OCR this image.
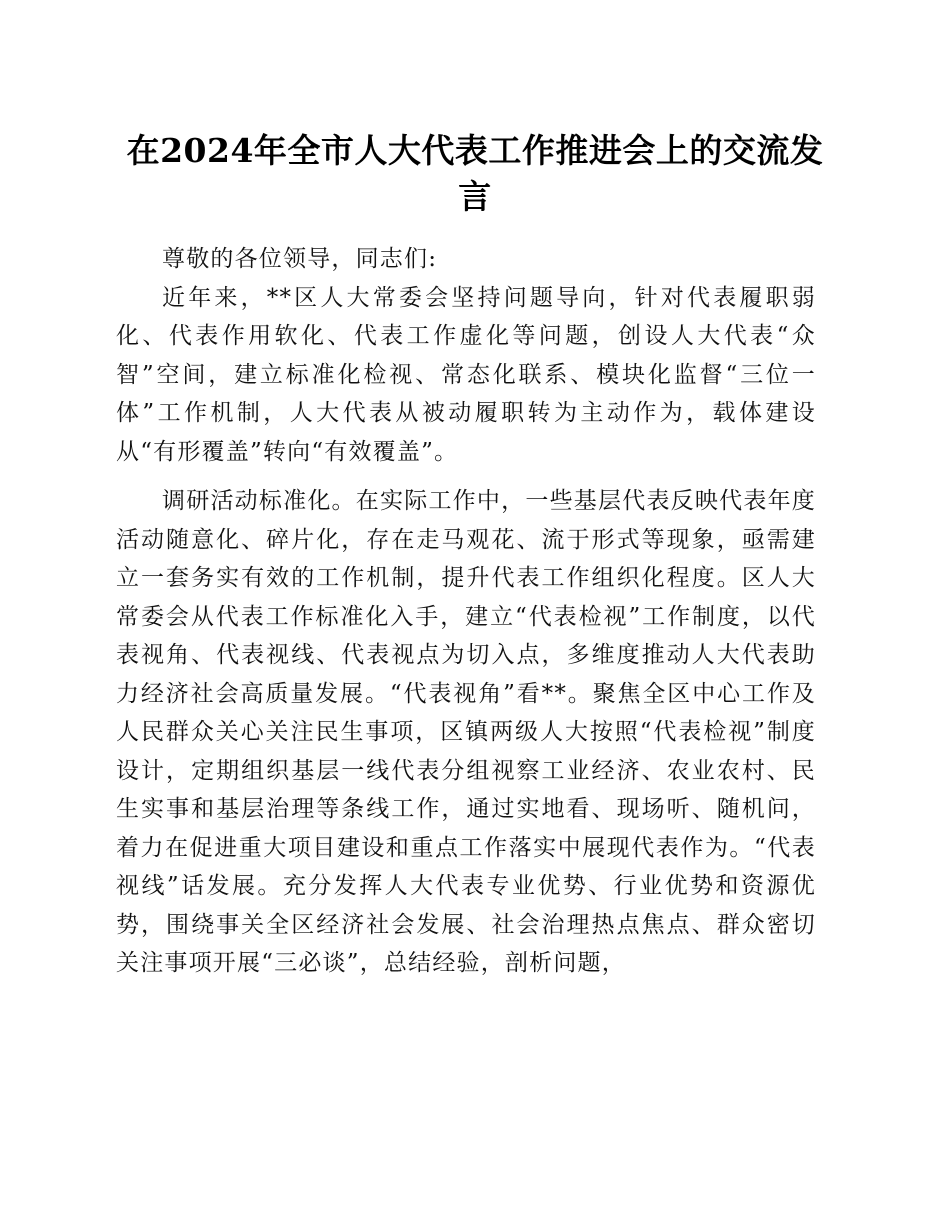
在2024年全市人大代表工作推进会上的交流发言

尊敬的各位领导，同志们:

近年来，**区人大常委会坚持问题导向，针对代表履职弱化、代表作用软化、代表工作虚化等问题，创设人大代表“众智”空间，建立标准化检视、常态化联系、模块化监督“三位一体”工作机制，人大代表从被动履职转为主动作为，载体建设从“有形覆盖”转向“有效覆盖”。

调研活动标准化。在实际工作中，一些基层代表反映代表年度活动随意化、碎片化，存在走马观花、流于形式等现象，亟需建立一套务实有效的工作机制，提升代表工作组织化程度。区人大常委会从代表工作标准化入手，建立“代表检视”工作制度，以代表视角、代表视线、代表视点为切入点，多维度推动人大代表助力经济社会高质量发展。“代表视角”看**。聚焦全区中心工作及人民群众关心关注民生事项，区镇两级人大按照“代表检视”制度设计，定期组织基层一线代表分组视察工业经济、农业农村、民生实事和基层治理等条线工作，通过实地看、现场听、随机问，着力在促进重大项目建设和重点工作落实中展现代表作为。“代表视线”话发展。充分发挥人大代表专业优势、行业优势和资源优势，围绕事关全区经济社会发展、社会治理热点焦点、群众密切关注事项开展“三必谈”，总结经验，剖析问题，
